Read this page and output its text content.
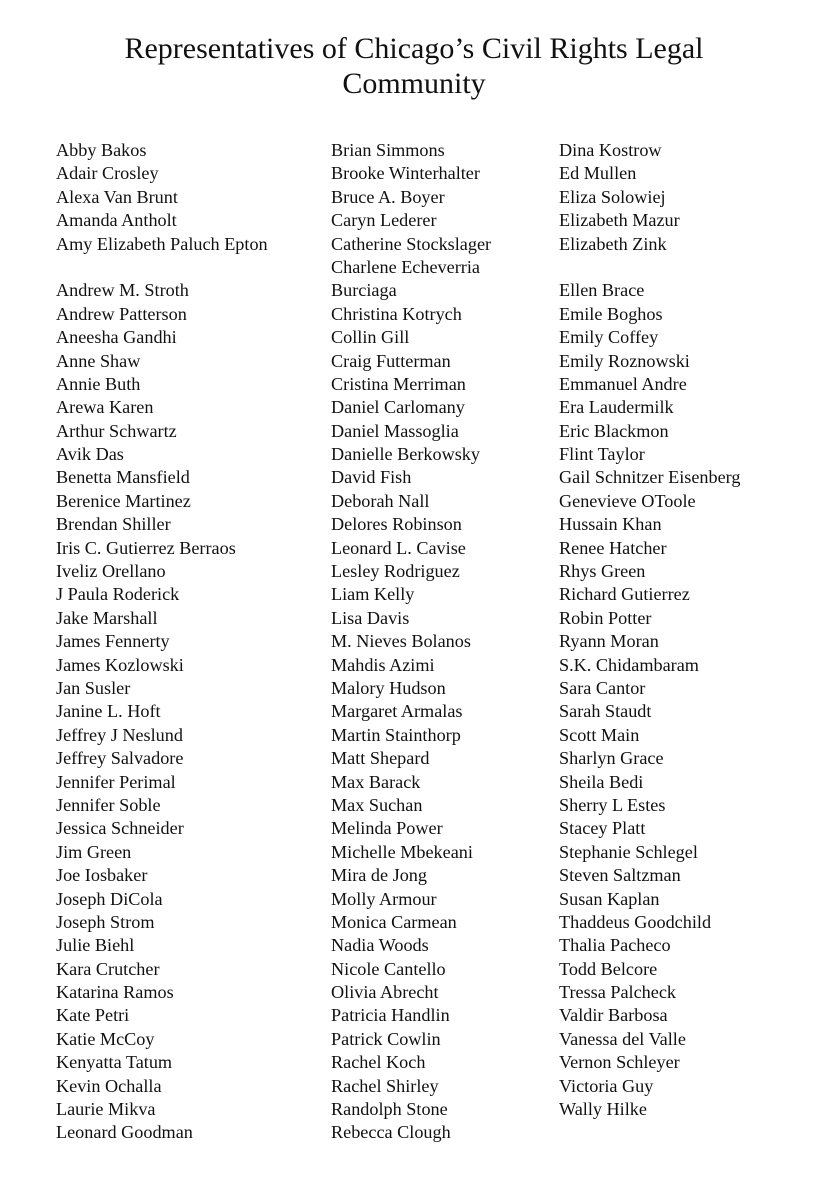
Representatives of Chicago’s Civil Rights Legal
Community
Abby Bakos
Adair Crosley
Alexa Van Brunt
Amanda Antholt
Amy Elizabeth Paluch Epton
Andrew M. Stroth
Andrew Patterson
Aneesha Gandhi
Anne Shaw
Annie Buth
Arewa Karen
Arthur Schwartz
Avik Das
Benetta Mansfield
Berenice Martinez
Brendan Shiller
Iris C. Gutierrez Berraos
Iveliz Orellano
J Paula Roderick
Jake Marshall
James Fennerty
James Kozlowski
Jan Susler
Janine L. Hoft
Jeffrey J Neslund
Jeffrey Salvadore
Jennifer Perimal
Jennifer Soble
Jessica Schneider
Jim Green
Joe Iosbaker
Joseph DiCola
Joseph Strom
Julie Biehl
Kara Crutcher
Katarina Ramos
Kate Petri
Katie McCoy
Kenyatta Tatum
Kevin Ochalla
Laurie Mikva
Leonard Goodman
Brian Simmons
Brooke Winterhalter
Bruce A. Boyer
Caryn Lederer
Catherine Stockslager
Charlene Echeverria
Burciaga
Christina Kotrych
Collin Gill
Craig Futterman
Cristina Merriman
Daniel Carlomany
Daniel Massoglia
Danielle Berkowsky
David Fish
Deborah Nall
Delores Robinson
Leonard L. Cavise
Lesley Rodriguez
Liam Kelly
Lisa Davis
M. Nieves Bolanos
Mahdis Azimi
Malory Hudson
Margaret Armalas
Martin Stainthorp
Matt Shepard
Max Barack
Max Suchan
Melinda Power
Michelle Mbekeani
Mira de Jong
Molly Armour
Monica Carmean
Nadia Woods
Nicole Cantello
Olivia Abrecht
Patricia Handlin
Patrick Cowlin
Rachel Koch
Rachel Shirley
Randolph Stone
Rebecca Clough
Dina Kostrow
Ed Mullen
Eliza Solowiej
Elizabeth Mazur
Elizabeth Zink
Ellen Brace
Emile Boghos
Emily Coffey
Emily Roznowski
Emmanuel Andre
Era Laudermilk
Eric Blackmon
Flint Taylor
Gail Schnitzer Eisenberg
Genevieve OToole
Hussain Khan
Renee Hatcher
Rhys Green
Richard Gutierrez
Robin Potter
Ryann Moran
S.K. Chidambaram
Sara Cantor
Sarah Staudt
Scott Main
Sharlyn Grace
Sheila Bedi
Sherry L Estes
Stacey Platt
Stephanie Schlegel
Steven Saltzman
Susan Kaplan
Thaddeus Goodchild
Thalia Pacheco
Todd Belcore
Tressa Palcheck
Valdir Barbosa
Vanessa del Valle
Vernon Schleyer
Victoria Guy
Wally Hilke
